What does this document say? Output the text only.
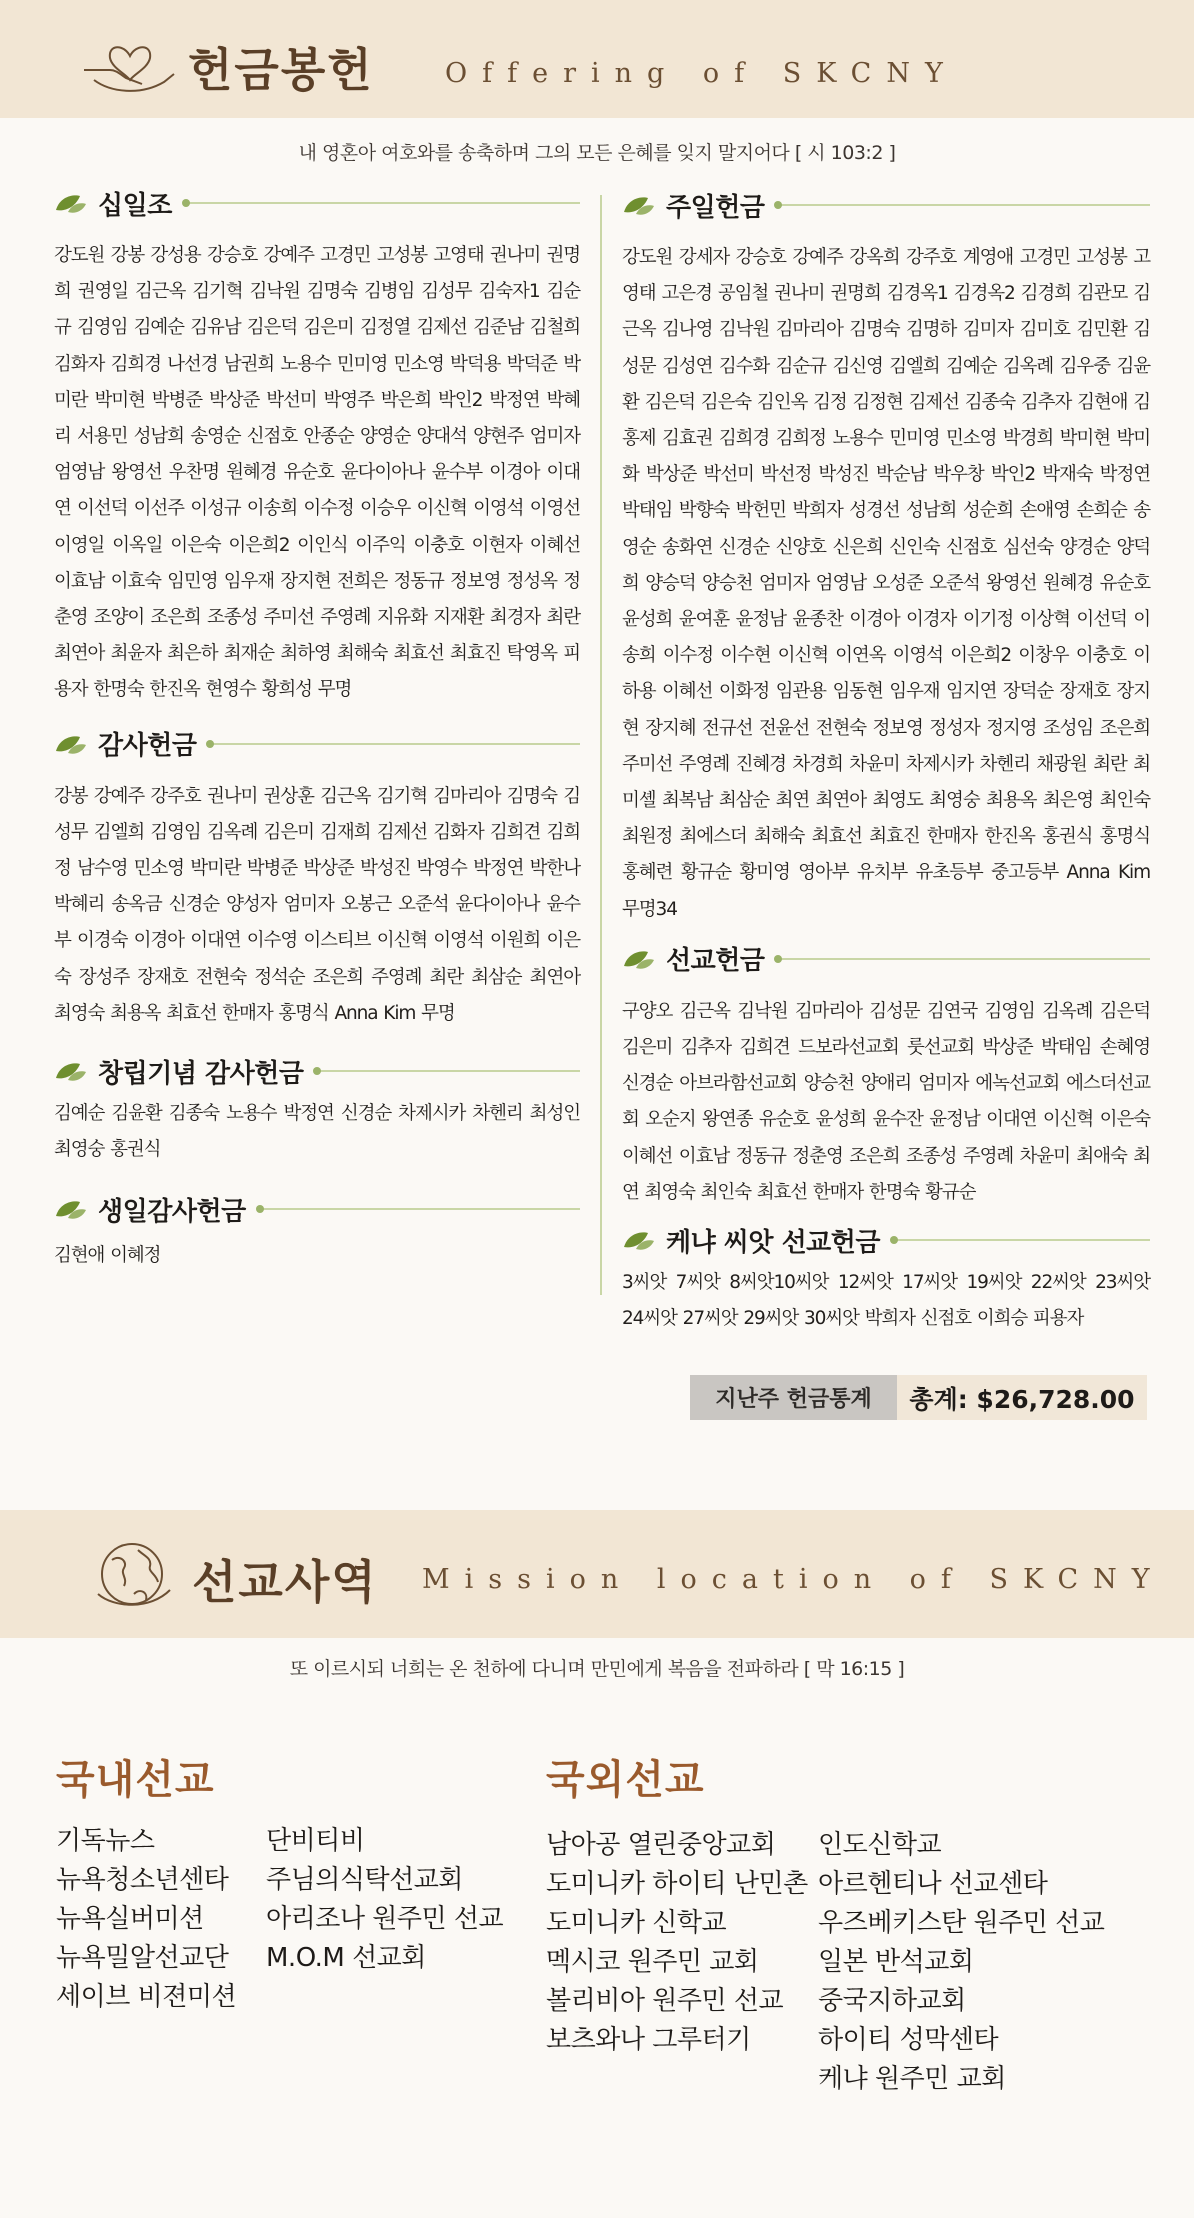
헌금봉헌	Offering of SKCNY
내 영혼아 여호와를 송축하며 그의 모든 은혜를 잊지 말지어다 [ 시 103:2 ]
십일조
강도원 강봉 강성용 강승호 강예주 고경민 고성봉 고영태 권나미 권명희 권영일 김근옥 김기혁 김낙원 김명숙 김병임 김성무 김숙자1 김순규 김영임 김예순 김유남 김은덕 김은미 김정열 김제선 김준남 김철희 김화자 김희경 나선경 남권희 노용수 민미영 민소영 박덕용 박덕준 박미란 박미현 박병준 박상준 박선미 박영주 박은희 박인2 박정연 박혜리 서용민 성남희 송영순 신점호 안종순 양영순 양대석 양현주 엄미자 엄영남 왕영선 우찬명 원혜경 유순호 윤다이아나 윤수부 이경아 이대연 이선덕 이선주 이성규 이송희 이수정 이승우 이신혁 이영석 이영선 이영일 이옥일 이은숙 이은희2 이인식 이주익 이충호 이현자 이혜선 이효남 이효숙 임민영 임우재 장지현 전희은 정동규 정보영 정성옥 정춘영 조양이 조은희 조종성 주미선 주영례 지유화 지재환 최경자 최란 최연아 최윤자 최은하 최재순 최하영 최해숙 최효선 최효진 탁영옥 피용자 한명숙 한진옥 현영수 황희성 무명
감사헌금
강봉 강예주 강주호 권나미 권상훈 김근옥 김기혁 김마리아 김명숙 김성무 김엘희 김영임 김옥례 김은미 김재희 김제선 김화자 김희견 김희정 남수영 민소영 박미란 박병준 박상준 박성진 박영수 박정연 박한나 박혜리 송옥금 신경순 양성자 엄미자 오봉근 오준석 윤다이아나 윤수부 이경숙 이경아 이대연 이수영 이스티브 이신혁 이영석 이원희 이은숙 장성주 장재호 전현숙 정석순 조은희 주영례 최란 최삼순 최연아 최영숙 최용옥 최효선 한매자 홍명식 Anna Kim 무명
창립기념 감사헌금
김예순 김윤환 김종숙 노용수 박정연 신경순 차제시카 차헨리 최성인 최영숭 홍권식
생일감사헌금
김현애 이혜정
주일헌금
강도원 강세자 강승호 강예주 강옥희 강주호 계영애 고경민 고성봉 고영태 고은경 공임철 권나미 권명희 김경옥1 김경옥2 김경희 김관모 김근옥 김나영 김낙원 김마리아 김명숙 김명하 김미자 김미호 김민환 김성문 김성연 김수화 김순규 김신영 김엘희 김예순 김옥례 김우중 김윤환 김은덕 김은숙 김인옥 김정 김정현 김제선 김종숙 김추자 김현애 김홍제 김효권 김희경 김희정 노용수 민미영 민소영 박경희 박미현 박미화 박상준 박선미 박선정 박성진 박순남 박우창 박인2 박재숙 박정연 박태임 박향숙 박헌민 박희자 성경선 성남희 성순희 손애영 손희순 송영순 송화연 신경순 신양호 신은희 신인숙 신점호 심선숙 양경순 양덕희 양승덕 양승천 엄미자 엄영남 오성준 오준석 왕영선 원혜경 유순호 윤성희 윤여훈 윤정남 윤종찬 이경아 이경자 이기정 이상혁 이선덕 이송희 이수정 이수현 이신혁 이연옥 이영석 이은희2 이창우 이충호 이하용 이혜선 이화정 임관용 임동현 임우재 임지연 장덕순 장재호 장지현 장지혜 전규선 전윤선 전현숙 정보영 정성자 정지영 조성임 조은희 주미선 주영례 진혜경 차경희 차윤미 차제시카 차헨리 채광원 최란 최미셸 최복남 최삼순 최연 최연아 최영도 최영숭 최용옥 최은영 최인숙 최원정 최에스더 최해숙 최효선 최효진 한매자 한진옥 홍권식 홍명식 홍혜련 황규순 황미영 영아부 유치부 유초등부 중고등부 Anna Kim 무명34
선교헌금
구양오 김근옥 김낙원 김마리아 김성문 김연국 김영임 김옥례 김은덕 김은미 김추자 김희견 드보라선교회 룻선교회 박상준 박태임 손혜영 신경순 아브라함선교회 양승천 양애리 엄미자 에녹선교회 에스더선교회 오순지 왕연종 유순호 윤성희 윤수잔 윤정남 이대연 이신혁 이은숙 이혜선 이효남 정동규 정춘영 조은희 조종성 주영례 차윤미 최애숙 최연 최영숙 최인숙 최효선 한매자 한명숙 황규순
케냐 씨앗 선교헌금
3씨앗 7씨앗 8씨앗10씨앗 12씨앗 17씨앗 19씨앗 22씨앗 23씨앗 24씨앗 27씨앗 29씨앗 30씨앗 박희자 신점호 이희승 피용자
지난주 헌금통계	총계: $26,728.00
선교사역 Mission location of SKCNY
또 이르시되 너희는 온 천하에 다니며 만민에게 복음을 전파하라 [ 막 16:15 ]
국내선교
기독뉴스
뉴욕청소년센타
뉴욕실버미션
뉴욕밀알선교단
세이브 비젼미션
단비티비
주님의식탁선교회
아리조나 원주민 선교
M.O.M 선교회
국외선교
남아공 열린중앙교회
도미니카 하이티 난민촌
도미니카 신학교
멕시코 원주민 교회
볼리비아 원주민 선교
보츠와나 그루터기
인도신학교
아르헨티나 선교센타
우즈베키스탄 원주민 선교
일본 반석교회
중국지하교회
하이티 성막센타
케냐 원주민 교회
